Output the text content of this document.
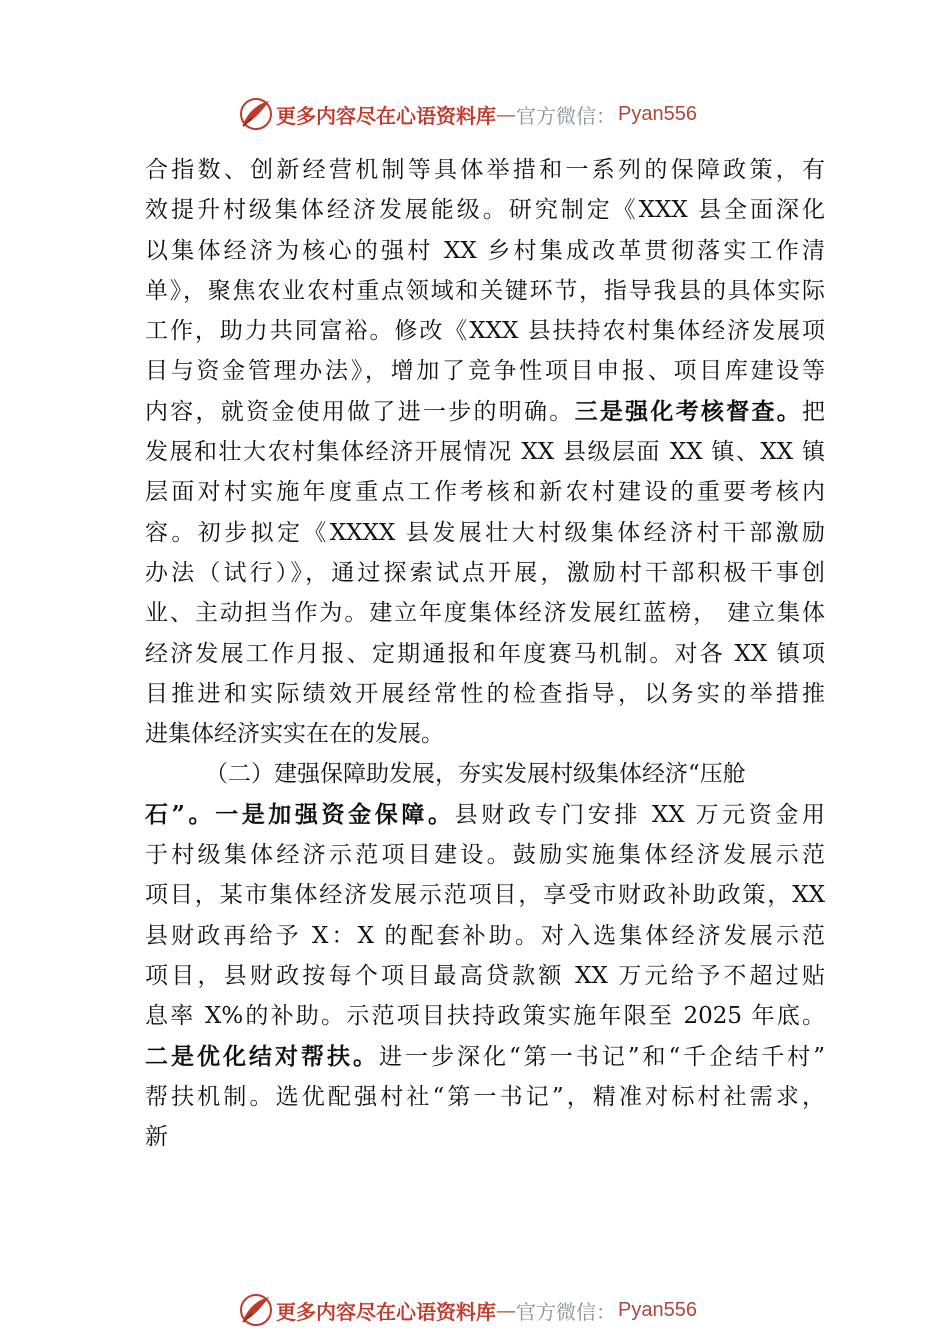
更多内容尽在心语资料库 — 官方微信： Pyan556
合指数、创新经营机制等具体举措和一系列的保障政策，有
效提升村级集体经济发展能级。研究制定《XXX 县全面深化
以集体经济为核心的强村 XX 乡村集成改革贯彻落实工作清
单》，聚焦农业农村重点领域和关键环节，指导我县的具体实际
工作，助力共同富裕。修改《XXX 县扶持农村集体经济发展项
目与资金管理办法》，增加了竞争性项目申报、项目库建设等
内容，就资金使用做了进一步的明确。三是强化考核督查。把
发展和壮大农村集体经济开展情况 XX 县级层面 XX 镇、XX 镇
层面对村实施年度重点工作考核和新农村建设的重要考核内
容。初步拟定《XXXX 县发展壮大村级集体经济村干部激励
办法（试行）》，通过探索试点开展，激励村干部积极干事创
业、主动担当作为。建立年度集体经济发展红蓝榜， 建立集体
经济发展工作月报、定期通报和年度赛马机制。对各 XX 镇项
目推进和实际绩效开展经常性的检查指导，以务实的举措推
进集体经济实实在在的发展。
（二）建强保障助发展，夯实发展村级集体经济“压舱
石”。一是加强资金保障。县财政专门安排 XX 万元资金用
于村级集体经济示范项目建设。鼓励实施集体经济发展示范
项目，某市集体经济发展示范项目，享受市财政补助政策，XX
县财政再给予 X：X 的配套补助。对入选集体经济发展示范
项目，县财政按每个项目最高贷款额 XX 万元给予不超过贴
息率 X%的补助。示范项目扶持政策实施年限至 2025 年底。
二是优化结对帮扶。进一步深化“第一书记”和“千企结千村”
帮扶机制。选优配强村社“第一书记”，精准对标村社需求，
新
更多内容尽在心语资料库 — 官方微信： Pyan556
